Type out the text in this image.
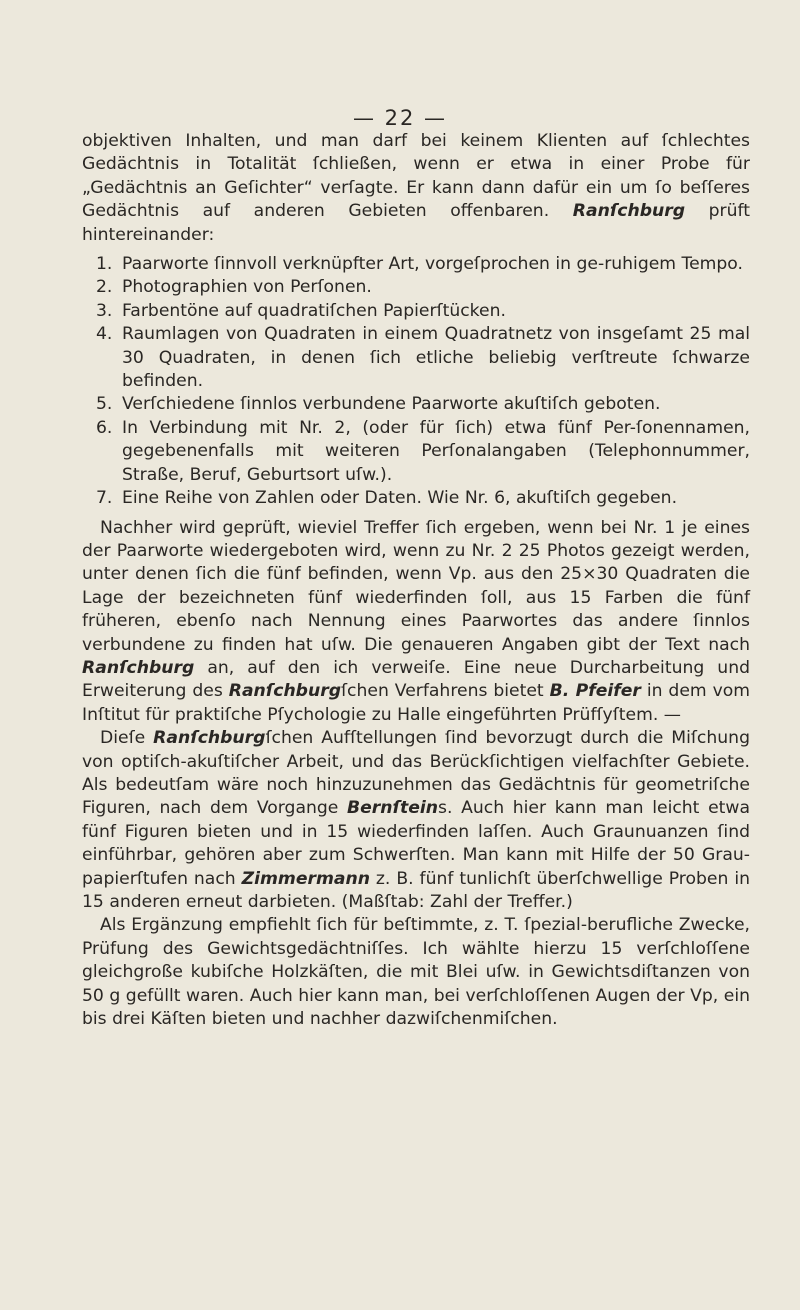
— 22 —

objektiven Inhalten, und man darf bei keinem Klienten auf ſchlechtes Gedächtnis in Totalität ſchließen, wenn er etwa in einer Probe für „Gedächtnis an Geſichter“ verſagte. Er kann dann dafür ein um ſo beſſeres Gedächtnis auf anderen Gebieten offenbaren. Ranſchburg prüft hintereinander:

1. Paarworte ſinnvoll verknüpfter Art, vorgeſprochen in ge-ruhigem Tempo.
2. Photographien von Perſonen.
3. Farbentöne auf quadratiſchen Papierſtücken.
4. Raumlagen von Quadraten in einem Quadratnetz von insgeſamt 25 mal 30 Quadraten, in denen ſich etliche beliebig verſtreute ſchwarze befinden.
5. Verſchiedene ſinnlos verbundene Paarworte akuſtiſch geboten.
6. In Verbindung mit Nr. 2, (oder für ſich) etwa fünf Per-ſonennamen, gegebenenfalls mit weiteren Perſonalangaben (Telephonnummer, Straße, Beruf, Geburtsort uſw.).
7. Eine Reihe von Zahlen oder Daten. Wie Nr. 6, akuſtiſch gegeben.

Nachher wird geprüft, wieviel Treffer ſich ergeben, wenn bei Nr. 1 je eines der Paarworte wiedergeboten wird, wenn zu Nr. 2 25 Photos gezeigt werden, unter denen ſich die fünf befinden, wenn Vp. aus den 25×30 Quadraten die Lage der bezeichneten fünf wiederfinden ſoll, aus 15 Farben die fünf früheren, ebenſo nach Nennung eines Paarwortes das andere ſinnlos verbundene zu finden hat uſw. Die genaueren Angaben gibt der Text nach Ranſchburg an, auf den ich verweiſe. Eine neue Durcharbeitung und Erweiterung des Ranſchburgſchen Verfahrens bietet B. Pfeifer in dem vom Inſtitut für praktiſche Pſychologie zu Halle eingeführten Prüfſyſtem. —

Dieſe Ranſchburgſchen Aufſtellungen ſind bevorzugt durch die Miſchung von optiſch-akuſtiſcher Arbeit, und das Berückſichtigen vielfachſter Gebiete. Als bedeutſam wäre noch hinzuzunehmen das Gedächtnis für geometriſche Figuren, nach dem Vorgange Bernſteins. Auch hier kann man leicht etwa fünf Figuren bieten und in 15 wiederfinden laſſen. Auch Graunuanzen ſind einführbar, gehören aber zum Schwerſten. Man kann mit Hilfe der 50 Grau-papierſtufen nach Zimmermann z. B. fünf tunlichſt überſchwellige Proben in 15 anderen erneut darbieten. (Maßſtab: Zahl der Treffer.)

Als Ergänzung empfiehlt ſich für beſtimmte, z. T. ſpezial-berufliche Zwecke, Prüfung des Gewichtsgedächtniſſes. Ich wählte hierzu 15 verſchloſſene gleichgroße kubiſche Holzkäſten, die mit Blei uſw. in Gewichtsdiſtanzen von 50 g gefüllt waren. Auch hier kann man, bei verſchloſſenen Augen der Vp, ein bis drei Käſten bieten und nachher dazwiſchenmiſchen.
